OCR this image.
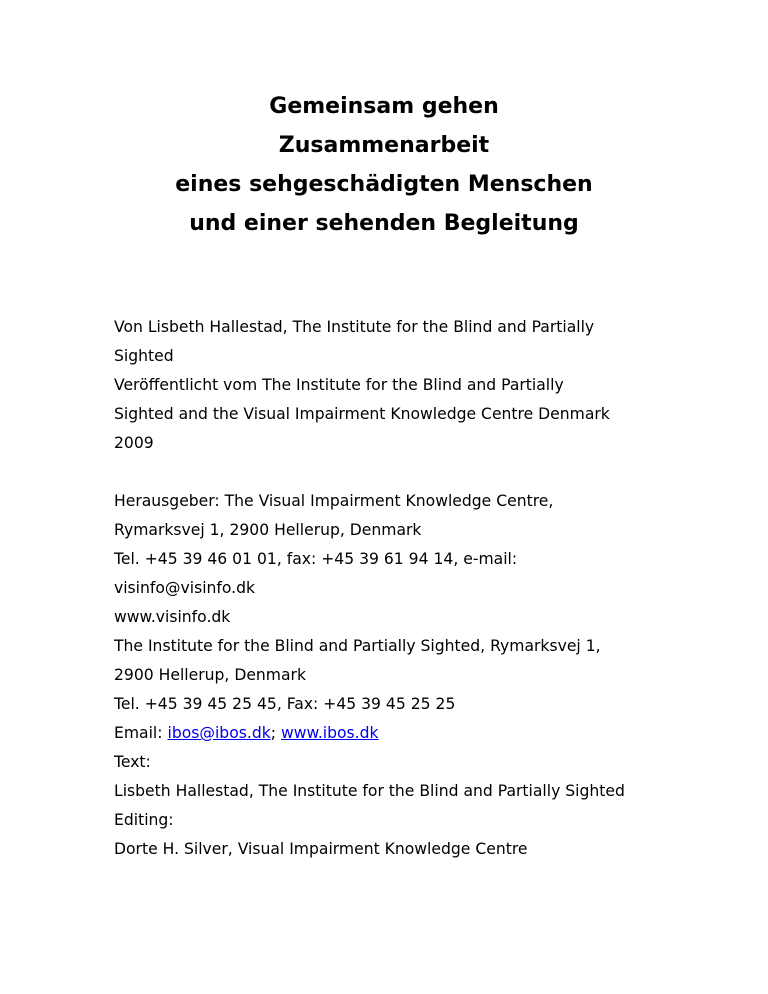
Gemeinsam gehen
Zusammenarbeit
eines sehgeschädigten Menschen
und einer sehenden Begleitung
Von Lisbeth Hallestad, The Institute for the Blind and Partially
Sighted
Veröffentlicht vom The Institute for the Blind and Partially
Sighted and the Visual Impairment Knowledge Centre Denmark
2009
Herausgeber: The Visual Impairment Knowledge Centre,
Rymarksvej 1, 2900 Hellerup, Denmark
Tel. +45 39 46 01 01, fax: +45 39 61 94 14, e-mail:
visinfo@visinfo.dk
www.visinfo.dk
The Institute for the Blind and Partially Sighted, Rymarksvej 1,
2900 Hellerup, Denmark
Tel. +45 39 45 25 45, Fax: +45 39 45 25 25
Email: ibos@ibos.dk; www.ibos.dk
Text:
Lisbeth Hallestad, The Institute for the Blind and Partially Sighted
Editing:
Dorte H. Silver, Visual Impairment Knowledge Centre
